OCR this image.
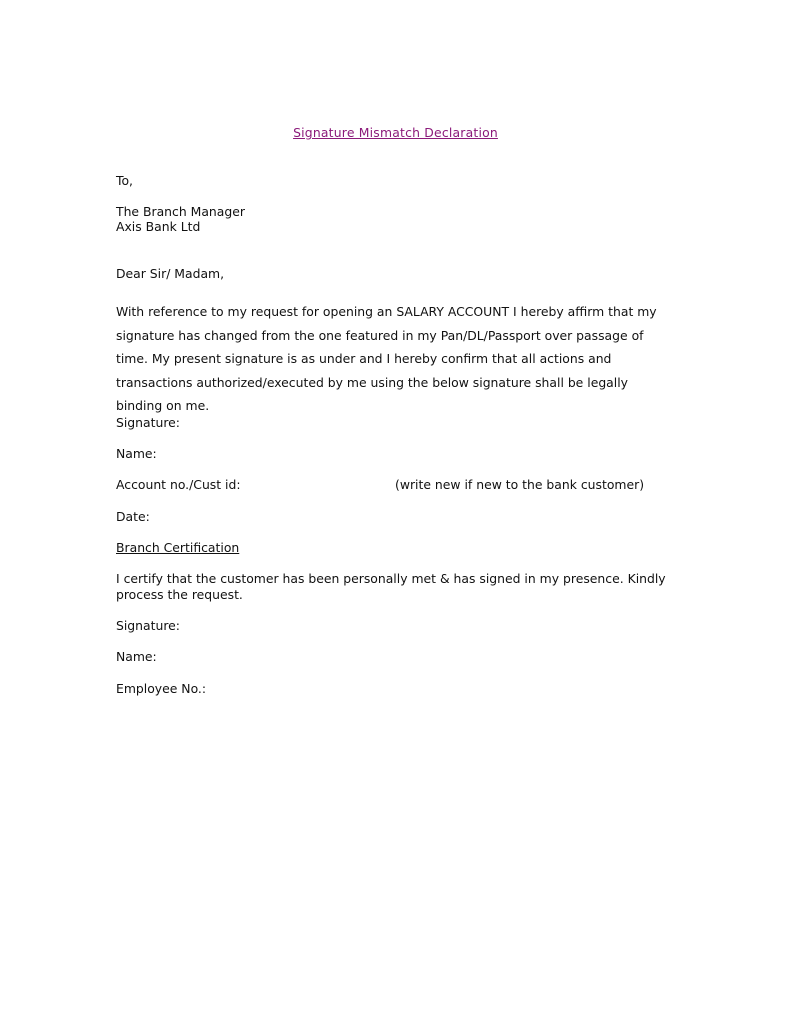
Signature Mismatch Declaration
To,
The Branch Manager
Axis Bank Ltd
Dear Sir/ Madam,
With reference to my request for opening an SALARY ACCOUNT I hereby affirm that my signature has changed from the one featured in my Pan/DL/Passport over passage of time. My present signature is as under and I hereby confirm that all actions and transactions authorized/executed by me using the below signature shall be legally binding on me.
Signature:
Name:
Account no./Cust id:	(write new if new to the bank customer)
Date:
Branch Certification
I certify that the customer has been personally met & has signed in my presence. Kindly process the request.
Signature:
Name:
Employee No.:
